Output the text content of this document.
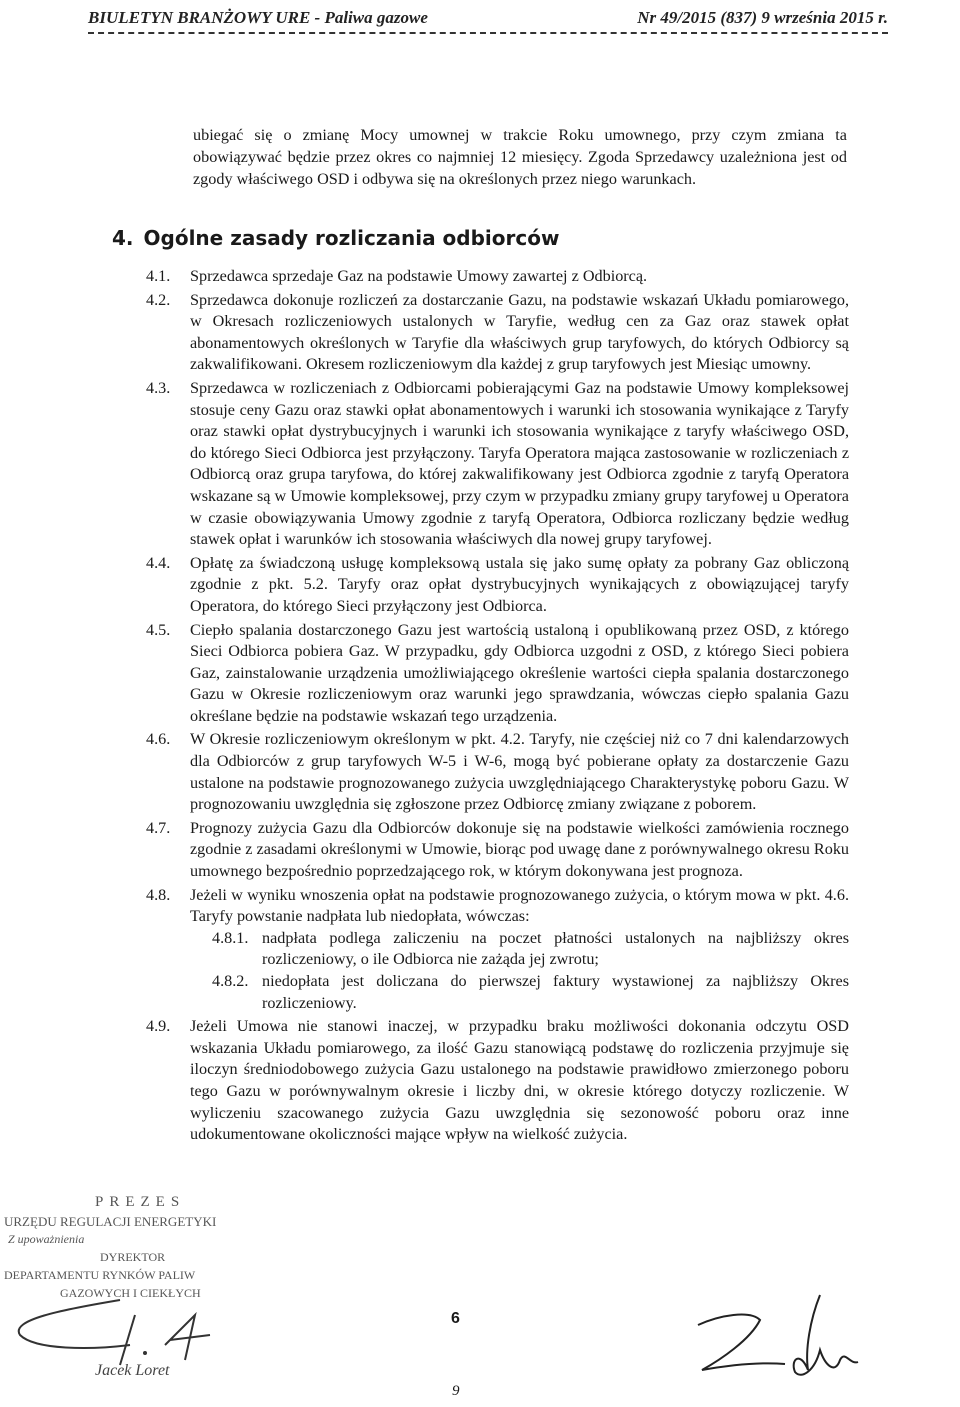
BIULETYN BRANŻOWY URE - Paliwa gazowe	Nr 49/2015 (837) 9 września 2015 r.
ubiegać się o zmianę Mocy umownej w trakcie Roku umownego, przy czym zmiana ta obowiązywać będzie przez okres co najmniej 12 miesięcy. Zgoda Sprzedawcy uzależniona jest od zgody właściwego OSD i odbywa się na określonych przez niego warunkach.
4. Ogólne zasady rozliczania odbiorców
4.1. Sprzedawca sprzedaje Gaz na podstawie Umowy zawartej z Odbiorcą.
4.2. Sprzedawca dokonuje rozliczeń za dostarczanie Gazu, na podstawie wskazań Układu pomiarowego, w Okresach rozliczeniowych ustalonych w Taryfie, według cen za Gaz oraz stawek opłat abonamentowych określonych w Taryfie dla właściwych grup taryfowych, do których Odbiorcy są zakwalifikowani. Okresem rozliczeniowym dla każdej z grup taryfowych jest Miesiąc umowny.
4.3. Sprzedawca w rozliczeniach z Odbiorcami pobierającymi Gaz na podstawie Umowy kompleksowej stosuje ceny Gazu oraz stawki opłat abonamentowych i warunki ich stosowania wynikające z Taryfy oraz stawki opłat dystrybucyjnych i warunki ich stosowania wynikające z taryfy właściwego OSD, do którego Sieci Odbiorca jest przyłączony. Taryfa Operatora mająca zastosowanie w rozliczeniach z Odbiorcą oraz grupa taryfowa, do której zakwalifikowany jest Odbiorca zgodnie z taryfą Operatora wskazane są w Umowie kompleksowej, przy czym w przypadku zmiany grupy taryfowej u Operatora w czasie obowiązywania Umowy zgodnie z taryfą Operatora, Odbiorca rozliczany będzie według stawek opłat i warunków ich stosowania właściwych dla nowej grupy taryfowej.
4.4. Opłatę za świadczoną usługę kompleksową ustala się jako sumę opłaty za pobrany Gaz obliczoną zgodnie z pkt. 5.2. Taryfy oraz opłat dystrybucyjnych wynikających z obowiązującej taryfy Operatora, do którego Sieci przyłączony jest Odbiorca.
4.5. Ciepło spalania dostarczonego Gazu jest wartością ustaloną i opublikowaną przez OSD, z którego Sieci Odbiorca pobiera Gaz. W przypadku, gdy Odbiorca uzgodni z OSD, z którego Sieci pobiera Gaz, zainstalowanie urządzenia umożliwiającego określenie wartości ciepła spalania dostarczonego Gazu w Okresie rozliczeniowym oraz warunki jego sprawdzania, wówczas ciepło spalania Gazu określane będzie na podstawie wskazań tego urządzenia.
4.6. W Okresie rozliczeniowym określonym w pkt. 4.2. Taryfy, nie częściej niż co 7 dni kalendarzowych dla Odbiorców z grup taryfowych W-5 i W-6, mogą być pobierane opłaty za dostarczenie Gazu ustalone na podstawie prognozowanego zużycia uwzględniającego Charakterystykę poboru Gazu. W prognozowaniu uwzględnia się zgłoszone przez Odbiorcę zmiany związane z poborem.
4.7. Prognozy zużycia Gazu dla Odbiorców dokonuje się na podstawie wielkości zamówienia rocznego zgodnie z zasadami określonymi w Umowie, biorąc pod uwagę dane z porównywalnego okresu Roku umownego bezpośrednio poprzedzającego rok, w którym dokonywana jest prognoza.
4.8. Jeżeli w wyniku wnoszenia opłat na podstawie prognozowanego zużycia, o którym mowa w pkt. 4.6. Taryfy powstanie nadpłata lub niedopłata, wówczas:
4.8.1. nadpłata podlega zaliczeniu na poczet płatności ustalonych na najbliższy okres rozliczeniowy, o ile Odbiorca nie zażąda jej zwrotu;
4.8.2. niedopłata jest doliczana do pierwszej faktury wystawionej za najbliższy Okres rozliczeniowy.
4.9. Jeżeli Umowa nie stanowi inaczej, w przypadku braku możliwości dokonania odczytu OSD wskazania Układu pomiarowego, za ilość Gazu stanowiącą podstawę do rozliczenia przyjmuje się iloczyn średniodobowego zużycia Gazu ustalonego na podstawie prawidłowo zmierzonego poboru tego Gazu w porównywalnym okresie i liczby dni, w okresie którego dotyczy rozliczenie. W wyliczeniu szacowanego zużycia Gazu uwzględnia się sezonowość poboru oraz inne udokumentowane okoliczności mające wpływ na wielkość zużycia.
PREZES
URZĘDU REGULACJI ENERGETYKI
Z upoważnienia
DYREKTOR
DEPARTAMENTU RYNKÓW PALIW
GAZOWYCH I CIEKŁYCH
Jacek Loret
6
9
